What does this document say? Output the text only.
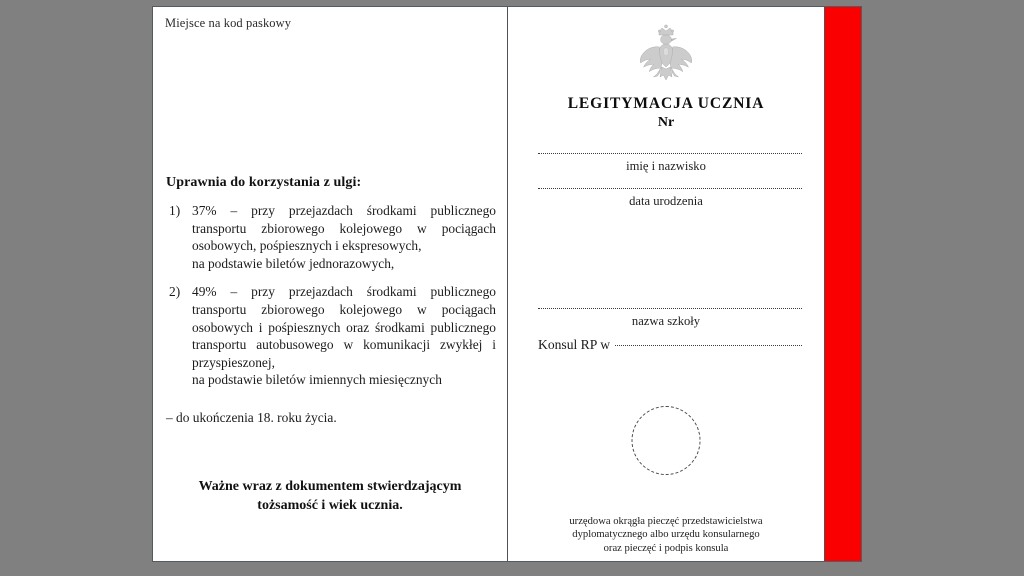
Miejsce na kod paskowy
Uprawnia do korzystania z ulgi:
1) 37% – przy przejazdach środkami publicznego transportu zbiorowego kolejowego w pociągach osobowych, pośpiesznych i ekspresowych,
na podstawie biletów jednorazowych,
2) 49% – przy przejazdach środkami publicznego transportu zbiorowego kolejowego w pociągach osobowych i pośpiesznych oraz środkami publicznego transportu autobusowego w komunikacji zwykłej i przyspieszonej,
na podstawie biletów imiennych miesięcznych
– do ukończenia 18. roku życia.
Ważne wraz z dokumentem stwierdzającym
tożsamość i wiek ucznia.
LEGITYMACJA UCZNIA
Nr
imię i nazwisko
data urodzenia
nazwa szkoły
Konsul RP w
urzędowa okrągła pieczęć przedstawicielstwa
dyplomatycznego albo urzędu konsularnego
oraz pieczęć i podpis konsula
